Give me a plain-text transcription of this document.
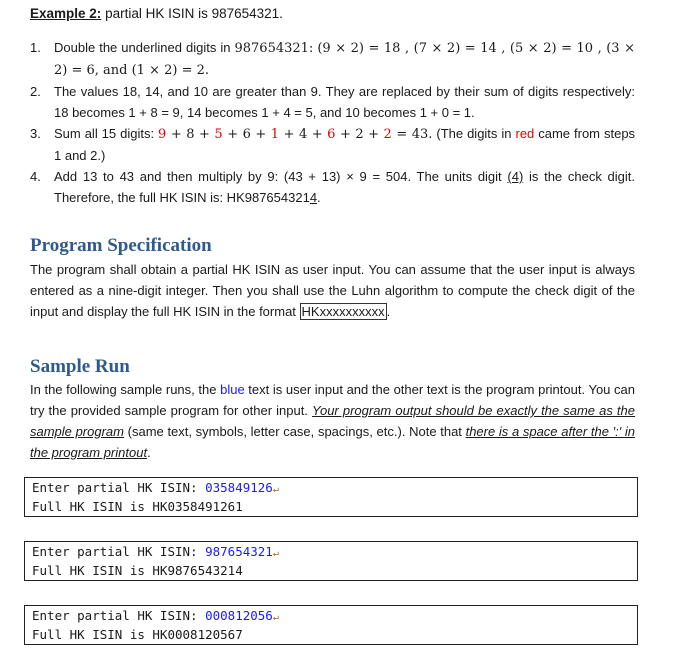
Example 2: partial HK ISIN is 987654321.
1. Double the underlined digits in 987654321: (9 × 2) = 18 , (7 × 2) = 14 , (5 × 2) = 10 , (3 × 2) = 6, and (1 × 2) = 2.
2. The values 18, 14, and 10 are greater than 9. They are replaced by their sum of digits respectively: 18 becomes 1 + 8 = 9, 14 becomes 1 + 4 = 5, and 10 becomes 1 + 0 = 1.
3. Sum all 15 digits: 9 + 8 + 5 + 6 + 1 + 4 + 6 + 2 + 2 = 43. (The digits in red came from steps 1 and 2.)
4. Add 13 to 43 and then multiply by 9: (43 + 13) × 9 = 504. The units digit (4) is the check digit. Therefore, the full HK ISIN is: HK9876543214.
Program Specification

The program shall obtain a partial HK ISIN as user input. You can assume that the user input is always entered as a nine-digit integer. Then you shall use the Luhn algorithm to compute the check digit of the input and display the full HK ISIN in the format HKxxxxxxxxxx .

Sample Run

In the following sample runs, the blue text is user input and the other text is the program printout. You can try the provided sample program for other input. Your program output should be exactly the same as the sample program (same text, symbols, letter case, spacings, etc.). Note that there is a space after the ':' in the program printout.

Enter partial HK ISIN: 035849126↵
Full HK ISIN is HK0358491261
Enter partial HK ISIN: 987654321↵
Full HK ISIN is HK9876543214
Enter partial HK ISIN: 000812056↵
Full HK ISIN is HK0008120567
